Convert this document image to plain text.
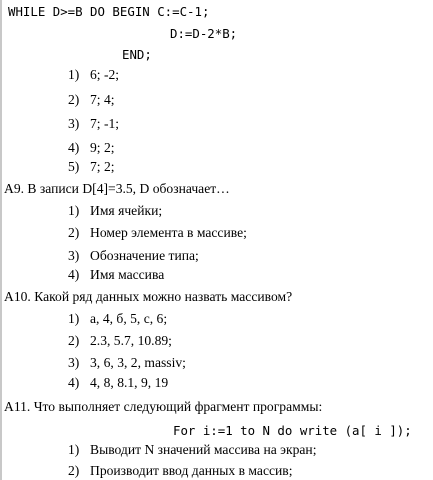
WHILE D>=B DO BEGIN C:=C-1;
D:=D-2*B;
END;
1) 6; -2;
2) 7; 4;
3) 7; -1;
4) 9; 2;
5) 7; 2;
А9. В записи D[4]=3.5, D обозначает…
1) Имя ячейки;
2) Номер элемента в массиве;
3) Обозначение типа;
4) Имя массива
А10. Какой ряд данных можно назвать массивом?
1) а, 4, б, 5, с, 6;
2) 2.3, 5.7, 10.89;
3) 3, 6, 3, 2, massiv;
4) 4, 8, 8.1, 9, 19
А11. Что выполняет следующий фрагмент программы:
For i:=1 to N do write (a[ i ]);
1) Выводит N значений массива на экран;
2) Производит ввод данных в массив;
